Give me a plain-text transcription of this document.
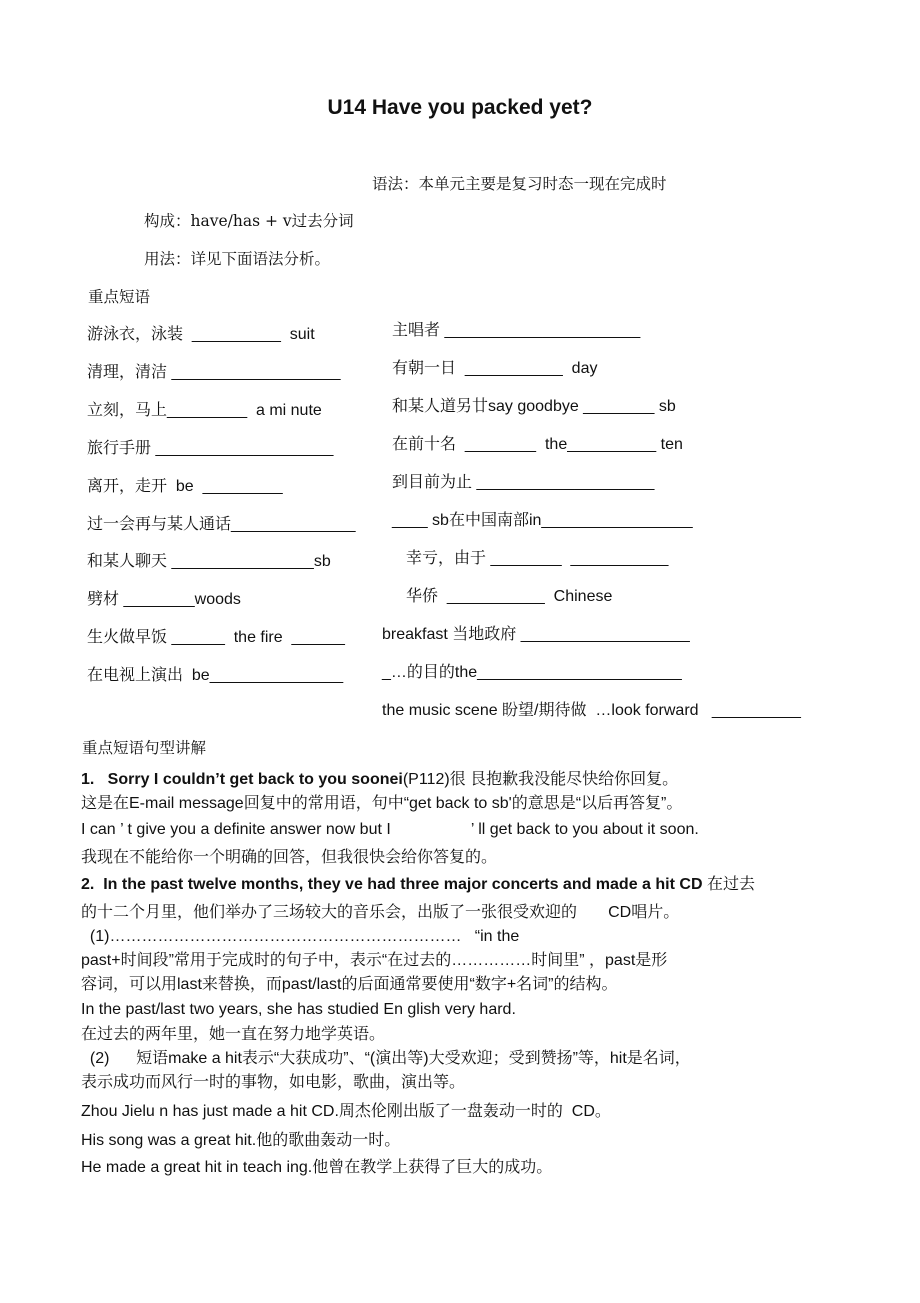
U14 Have you packed yet?
语法：本单元主要是复习时态一现在完成时
构成：have/has + v过去分词
用法：详见下面语法分析。
重点短语
游泳衣，泳装  __________  suit
清理，清洁 ___________________
立刻，马上_________  a mi nute
旅行手册 ____________________
离开，走开  be  _________
过一会再与某人通话______________
和某人聊天 ________________sb
劈材 ________woods
生火做早饭 ______  the fire  ______
在电视上演出  be_______________
主唱者 ______________________
有朝一日  ___________  day
和某人道另廿say goodbye ________ sb
在前十名  ________  the__________ ten
到目前为止 ____________________
____ sb在中国南部in_________________
幸亏，由于 ________  ___________
华侨  ___________  Chinese
breakfast 当地政府 ___________________
_…的目的the_______________________
the music scene 盼望/期待做  …look forward   __________
重点短语句型讲解
1.   Sorry I couldn’t get back to you soonei(P112)很 艮抱歉我没能尽快给你回复。
这是在E-mail message回复中的常用语，句中“get back to sb'的意思是“以后再答复”。
I can ’ t give you a definite answer now but I                  ’ ll get back to you about it soon.
我现在不能给你一个明确的回答，但我很快会给你答复的。
2.  In the past twelve months, they ve had three major concerts and made a hit CD 在过去
的十二个月里，他们举办了三场较大的音乐会，出版了一张很受欢迎的       CD唱片。
(1)…………………………………………………………   “in the
past+时间段”常用于完成时的句子中，表示“在过去的……………时间里” ，past是形
容词，可以用last来替换，而past/last的后面通常要使用“数字+名词”的结构。
In the past/last two years, she has studied En glish very hard.
在过去的两年里，她一直在努力地学英语。
(2)      短语make a hit表示“大获成功”、“(演出等)大受欢迎；受到赞扬”等，hit是名词，
表示成功而风行一时的事物，如电影，歌曲，演出等。
Zhou Jielu n has just made a hit CD.周杰伦刚出版了一盘轰动一时的  CD。
His song was a great hit.他的歌曲轰动一时。
He made a great hit in teach ing.他曾在教学上获得了巨大的成功。
